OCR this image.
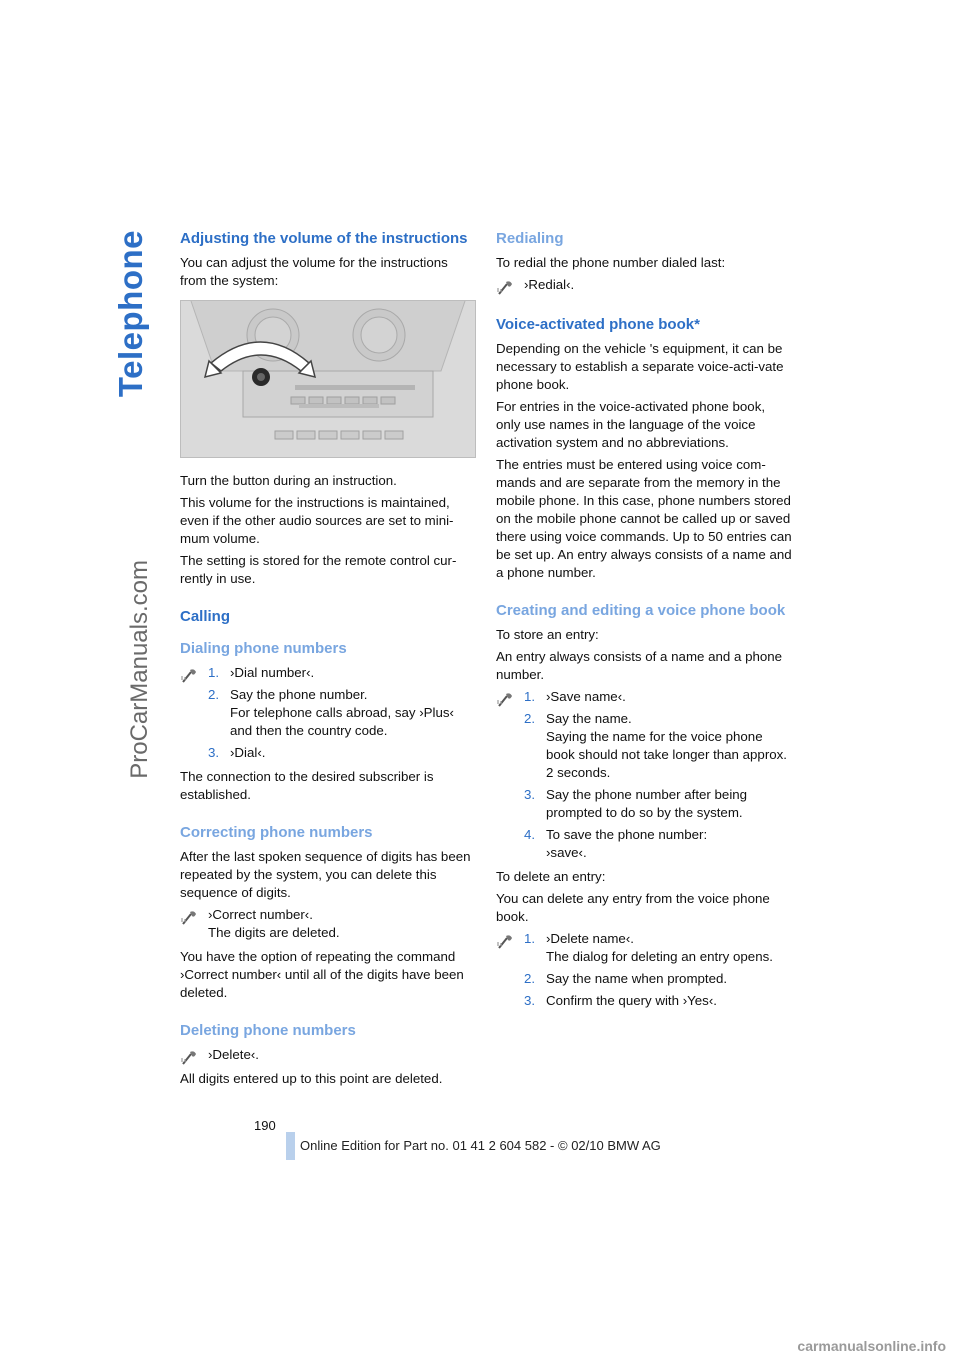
Telephone
ProCarManuals.com
Adjusting the volume of the instructions

You can adjust the volume for the instructions from the system:

Turn the button during an instruction.

This volume for the instructions is maintained, even if the other audio sources are set to mini-mum volume.

The setting is stored for the remote control cur-rently in use.

Calling
Dialing phone numbers
1. ›Dial number‹.
2. Say the phone number.
For telephone calls abroad, say ›Plus‹ and then the country code.
3. ›Dial‹.

The connection to the desired subscriber is established.

Correcting phone numbers

After the last spoken sequence of digits has been repeated by the system, you can delete this sequence of digits.

›Correct number‹.
The digits are deleted.

You have the option of repeating the command ›Correct number‹ until all of the digits have been deleted.

Deleting phone numbers
›Delete‹.

All digits entered up to this point are deleted.

Redialing

To redial the phone number dialed last:

›Redial‹.
Voice-activated phone book*

Depending on the vehicle 's equipment, it can be necessary to establish a separate voice-acti-vate phone book.

For entries in the voice-activated phone book, only use names in the language of the voice activation system and no abbreviations.

The entries must be entered using voice com-mands and are separate from the memory in the mobile phone. In this case, phone numbers stored on the mobile phone cannot be called up or saved there using voice commands. Up to 50 entries can be set up. An entry always consists of a name and a phone number.

Creating and editing a voice phone book

To store an entry:

An entry always consists of a name and a phone number.

1. ›Save name‹.
2. Say the name.
Saying the name for the voice phone book should not take longer than approx. 2 seconds.
3. Say the phone number after being prompted to do so by the system.
4. To save the phone number:
›save‹.

To delete an entry:

You can delete any entry from the voice phone book.

1. ›Delete name‹.
The dialog for deleting an entry opens.
2. Say the name when prompted.
3. Confirm the query with ›Yes‹.
190
Online Edition for Part no. 01 41 2 604 582 - © 02/10 BMW AG
carmanualsonline.info
